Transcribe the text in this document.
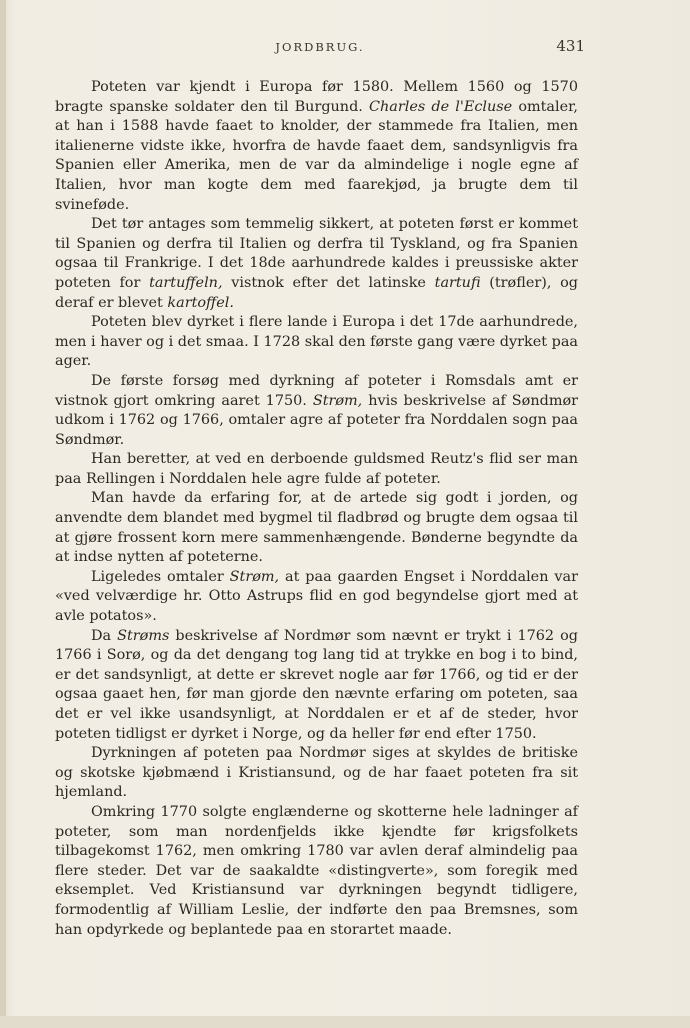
JORDBRUG.	431

Poteten var kjendt i Europa før 1580. Mellem 1560 og 1570 bragte spanske soldater den til Burgund. Charles de l'Ecluse omtaler, at han i 1588 havde faaet to knolder, der stammede fra Italien, men italienerne vidste ikke, hvorfra de havde faaet dem, sandsynligvis fra Spanien eller Amerika, men de var da almindelige i nogle egne af Italien, hvor man kogte dem med faarekjød, ja brugte dem til svineføde.

Det tør antages som temmelig sikkert, at poteten først er kommet til Spanien og derfra til Italien og derfra til Tyskland, og fra Spanien ogsaa til Frankrige. I det 18de aarhundrede kaldes i preussiske akter poteten for tartuffeln, vistnok efter det latinske tartufi (trøfler), og deraf er blevet kartoffel.

Poteten blev dyrket i flere lande i Europa i det 17de aarhundrede, men i haver og i det smaa. I 1728 skal den første gang være dyrket paa ager.

De første forsøg med dyrkning af poteter i Romsdals amt er vistnok gjort omkring aaret 1750. Strøm, hvis beskrivelse af Søndmør udkom i 1762 og 1766, omtaler agre af poteter fra Norddalen sogn paa Søndmør.

Han beretter, at ved en derboende guldsmed Reutz's flid ser man paa Rellingen i Norddalen hele agre fulde af poteter.

Man havde da erfaring for, at de artede sig godt i jorden, og anvendte dem blandet med bygmel til fladbrød og brugte dem ogsaa til at gjøre frossent korn mere sammenhængende. Bønderne begyndte da at indse nytten af poteterne.

Ligeledes omtaler Strøm, at paa gaarden Engset i Norddalen var «ved velværdige hr. Otto Astrups flid en god begyndelse gjort med at avle potatos».

Da Strøms beskrivelse af Nordmør som nævnt er trykt i 1762 og 1766 i Sorø, og da det dengang tog lang tid at trykke en bog i to bind, er det sandsynligt, at dette er skrevet nogle aar før 1766, og tid er der ogsaa gaaet hen, før man gjorde den nævnte erfaring om poteten, saa det er vel ikke usandsynligt, at Norddalen er et af de steder, hvor poteten tidligst er dyrket i Norge, og da heller før end efter 1750.

Dyrkningen af poteten paa Nordmør siges at skyldes de britiske og skotske kjøbmænd i Kristiansund, og de har faaet poteten fra sit hjemland.

Omkring 1770 solgte englænderne og skotterne hele ladninger af poteter, som man nordenfjelds ikke kjendte før krigsfolkets tilbagekomst 1762, men omkring 1780 var avlen deraf almindelig paa flere steder. Det var de saakaldte «distingverte», som foregik med eksemplet. Ved Kristiansund var dyrkningen begyndt tidligere, formodentlig af William Leslie, der indførte den paa Bremsnes, som han opdyrkede og beplantede paa en storartet maade.
